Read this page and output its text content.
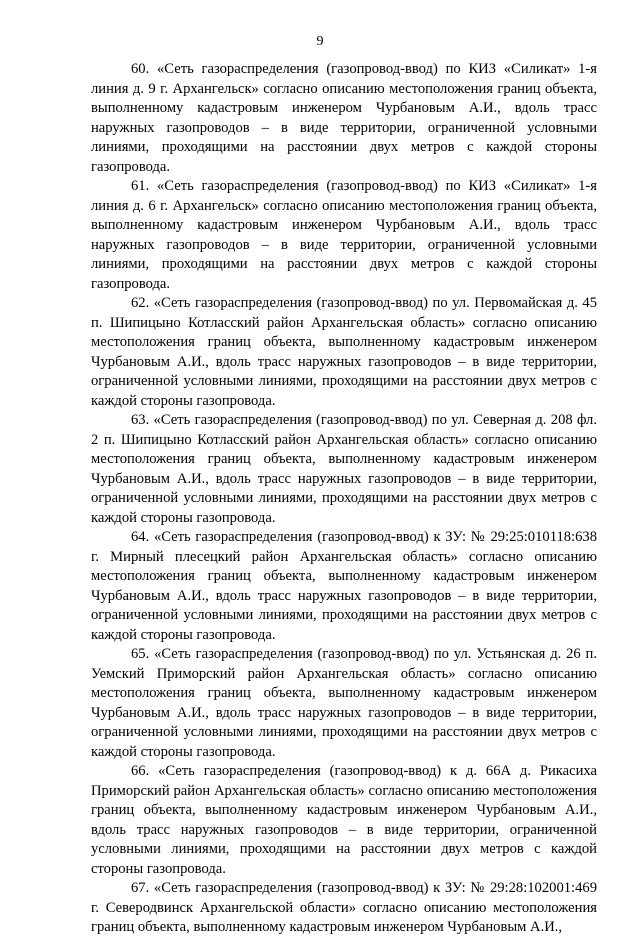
9

60. «Сеть газораспределения (газопровод-ввод) по КИЗ «Силикат» 1-я линия д. 9 г. Архангельск» согласно описанию местоположения границ объекта, выполненному кадастровым инженером Чурбановым А.И., вдоль трасс наружных газопроводов – в виде территории, ограниченной условными линиями, проходящими на расстоянии двух метров с каждой стороны газопровода.

61. «Сеть газораспределения (газопровод-ввод) по КИЗ «Силикат» 1-я линия д. 6 г. Архангельск» согласно описанию местоположения границ объекта, выполненному кадастровым инженером Чурбановым А.И., вдоль трасс наружных газопроводов – в виде территории, ограниченной условными линиями, проходящими на расстоянии двух метров с каждой стороны газопровода.

62. «Сеть газораспределения (газопровод-ввод) по ул. Первомайская д. 45 п. Шипицыно Котласский район Архангельская область» согласно описанию местоположения границ объекта, выполненному кадастровым инженером Чурбановым А.И., вдоль трасс наружных газопроводов – в виде территории, ограниченной условными линиями, проходящими на расстоянии двух метров с каждой стороны газопровода.

63. «Сеть газораспределения (газопровод-ввод) по ул. Северная д. 208 фл. 2 п. Шипицыно Котласский район Архангельская область» согласно описанию местоположения границ объекта, выполненному кадастровым инженером Чурбановым А.И., вдоль трасс наружных газопроводов – в виде территории, ограниченной условными линиями, проходящими на расстоянии двух метров с каждой стороны газопровода.

64. «Сеть газораспределения (газопровод-ввод) к ЗУ: № 29:25:010118:638 г. Мирный плесецкий район Архангельская область» согласно описанию местоположения границ объекта, выполненному кадастровым инженером Чурбановым А.И., вдоль трасс наружных газопроводов – в виде территории, ограниченной условными линиями, проходящими на расстоянии двух метров с каждой стороны газопровода.

65. «Сеть газораспределения (газопровод-ввод) по ул. Устьянская д. 26 п. Уемский Приморский район Архангельская область» согласно описанию местоположения границ объекта, выполненному кадастровым инженером Чурбановым А.И., вдоль трасс наружных газопроводов – в виде территории, ограниченной условными линиями, проходящими на расстоянии двух метров с каждой стороны газопровода.

66. «Сеть газораспределения (газопровод-ввод) к д. 66А д. Рикасиха Приморский район Архангельская область» согласно описанию местоположения границ объекта, выполненному кадастровым инженером Чурбановым А.И., вдоль трасс наружных газопроводов – в виде территории, ограниченной условными линиями, проходящими на расстоянии двух метров с каждой стороны газопровода.

67. «Сеть газораспределения (газопровод-ввод) к ЗУ: № 29:28:102001:469 г. Северодвинск Архангельской области» согласно описанию местоположения границ объекта, выполненному кадастровым инженером Чурбановым А.И.,
